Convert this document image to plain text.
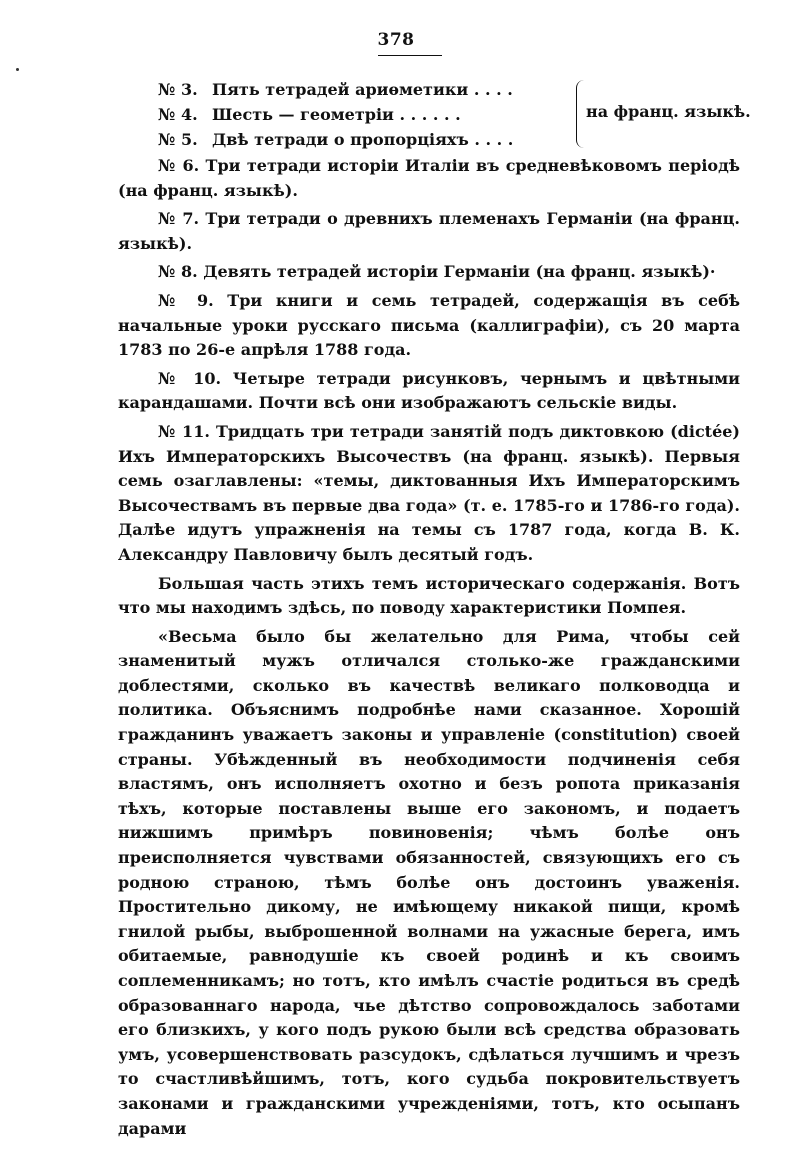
378
№ 3. Пять тетрадей ариѳметики . . . .
№ 4. Шесть — геометріи . . . . . .
№ 5. Двѣ тетради о пропорціяхъ . . . .
на франц. языкѣ.

№ 6. Три тетради исторіи Италіи въ средневѣковомъ періодѣ (на франц. языкѣ).

№ 7. Три тетради о древнихъ племенахъ Германіи (на франц. языкѣ).

№ 8. Девять тетрадей исторіи Германіи (на франц. языкѣ)·

№ 9. Три книги и семь тетрадей, содержащія въ себѣ начальные уроки русскаго письма (каллиграфіи), съ 20 марта 1783 по 26-е апрѣля 1788 года.

№ 10. Четыре тетради рисунковъ, чернымъ и цвѣтными карандашами. Почти всѣ они изображаютъ сельскіе виды.

№ 11. Тридцать три тетради занятій подъ диктовкою (dictée) Ихъ Императорскихъ Высочествъ (на франц. языкѣ). Первыя семь озаглавлены: «темы, диктованныя Ихъ Императорскимъ Высочествамъ въ первые два года» (т. е. 1785-го и 1786-го года). Далѣе идутъ упражненія на темы съ 1787 года, когда В. К. Александру Павловичу былъ десятый годъ.

Большая часть этихъ темъ историческаго содержанія. Вотъ что мы находимъ здѣсь, по поводу характеристики Помпея.

«Весьма было бы желательно для Рима, чтобы сей знаменитый мужъ отличался столько-же гражданскими доблестями, сколько въ качествѣ великаго полководца и политика. Объяснимъ подробнѣе нами сказанное. Хорошій гражданинъ уважаетъ законы и управленіе (constitution) своей страны. Убѣжденный въ необходимости подчиненія себя властямъ, онъ исполняетъ охотно и безъ ропота приказанія тѣхъ, которые поставлены выше его закономъ, и подаетъ нижшимъ примѣръ повиновенія; чѣмъ болѣе онъ преисполняется чувствами обязанностей, связующихъ его съ родною страною, тѣмъ болѣе онъ достоинъ уваженія. Простительно дикому, не имѣющему никакой пищи, кромѣ гнилой рыбы, выброшенной волнами на ужасные берега, имъ обитаемые, равнодушіе къ своей родинѣ и къ своимъ соплеменникамъ; но тотъ, кто имѣлъ счастіе родиться въ средѣ образованнаго народа, чье дѣтство сопровождалось заботами его близкихъ, у кого подъ рукою были всѣ средства образовать умъ, усовершенствовать разсудокъ, сдѣлаться лучшимъ и чрезъ то счастливѣйшимъ, тотъ, кого судьба покровительствуетъ законами и гражданскими учрежденіями, тотъ, кто осыпанъ дарами
